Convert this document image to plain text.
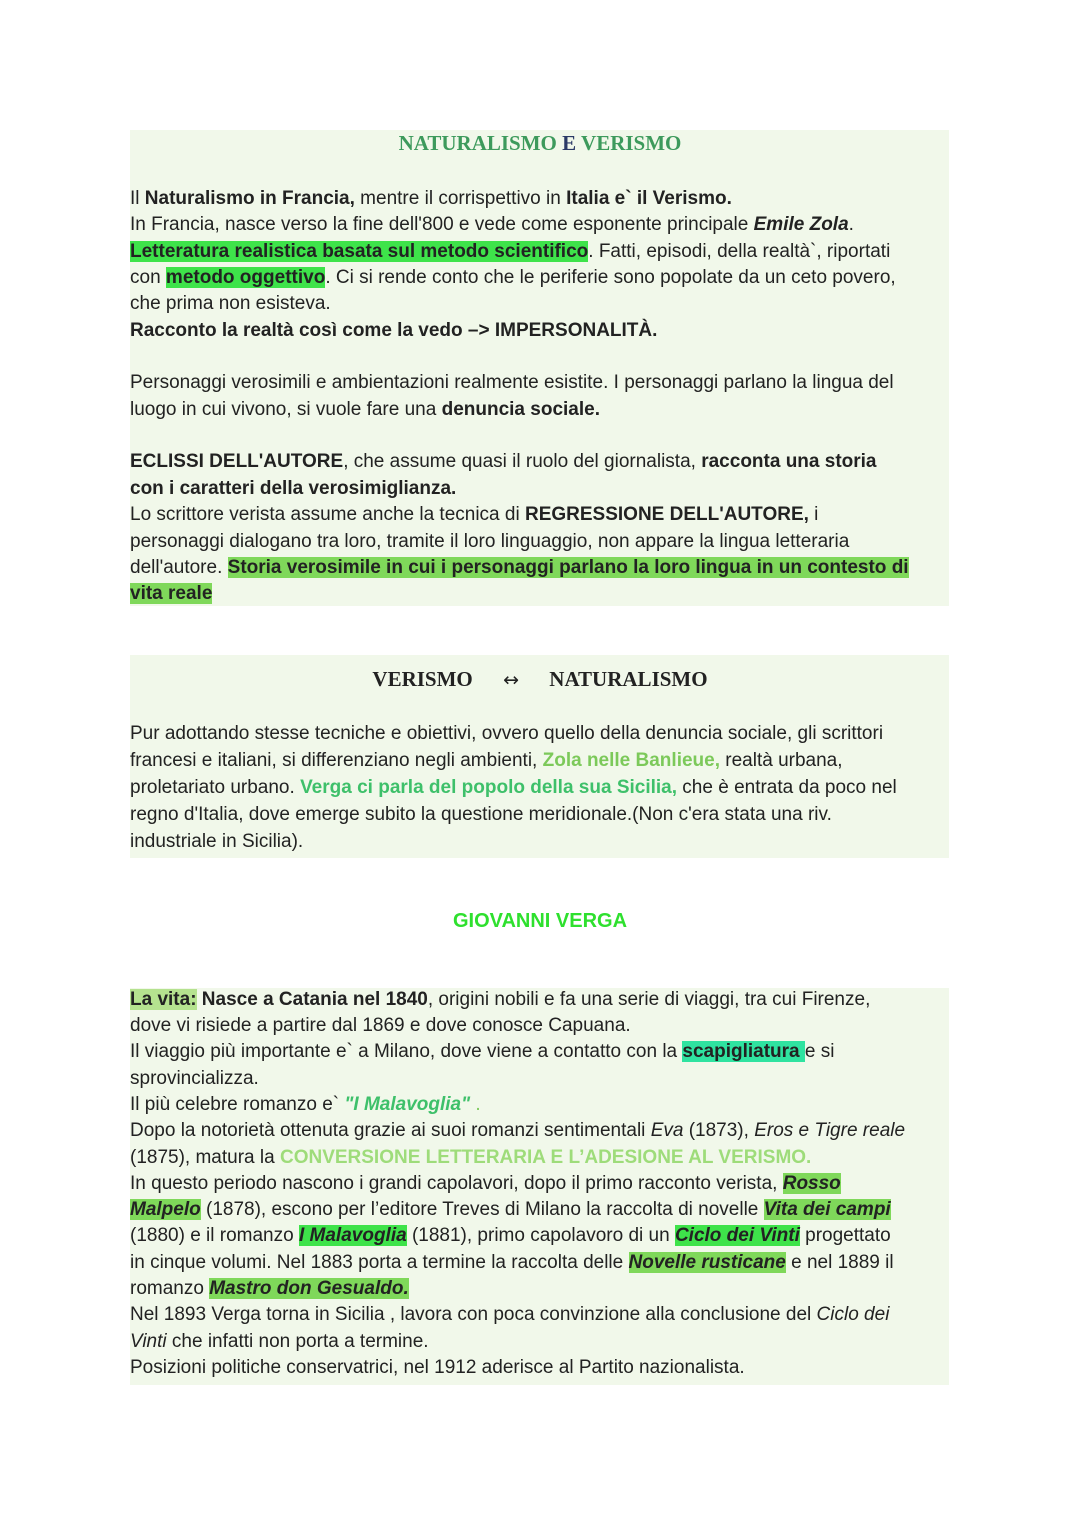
NATURALISMO E VERISMO
Il Naturalismo in Francia, mentre il corrispettivo in Italia e` il Verismo.
In Francia, nasce verso la fine dell'800 e vede come esponente principale Emile Zola.
Letteratura realistica basata sul metodo scientifico. Fatti, episodi, della realtà`, riportati
con metodo oggettivo. Ci si rende conto che le periferie sono popolate da un ceto povero,
che prima non esisteva.
Racconto la realtà così come la vedo –> IMPERSONALITÀ.
Personaggi verosimili e ambientazioni realmente esistite. I personaggi parlano la lingua del
luogo in cui vivono, si vuole fare una denuncia sociale.
ECLISSI DELL'AUTORE, che assume quasi il ruolo del giornalista, racconta una storia
con i caratteri della verosimiglianza.
Lo scrittore verista assume anche la tecnica di REGRESSIONE DELL'AUTORE, i
personaggi dialogano tra loro, tramite il loro linguaggio, non appare la lingua letteraria
dell'autore. Storia verosimile in cui i personaggi parlano la loro lingua in un contesto di
vita reale
VERISMO ↔ NATURALISMO
Pur adottando stesse tecniche e obiettivi, ovvero quello della denuncia sociale, gli scrittori
francesi e italiani, si differenziano negli ambienti, Zola nelle Banlieue, realtà urbana,
proletariato urbano. Verga ci parla del popolo della sua Sicilia, che è entrata da poco nel
regno d'Italia, dove emerge subito la questione meridionale.(Non c'era stata una riv.
industriale in Sicilia).
GIOVANNI VERGA
La vita: Nasce a Catania nel 1840, origini nobili e fa una serie di viaggi, tra cui Firenze,
dove vi risiede a partire dal 1869 e dove conosce Capuana.
Il viaggio più importante e` a Milano, dove viene a contatto con la scapigliatura e si
sprovincializza.
Il più celebre romanzo e` "I Malavoglia" .
Dopo la notorietà ottenuta grazie ai suoi romanzi sentimentali Eva (1873), Eros e Tigre reale
(1875), matura la CONVERSIONE LETTERARIA E L’ADESIONE AL VERISMO.
In questo periodo nascono i grandi capolavori, dopo il primo racconto verista, Rosso
Malpelo (1878), escono per l’editore Treves di Milano la raccolta di novelle Vita dei campi
(1880) e il romanzo I Malavoglia (1881), primo capolavoro di un Ciclo dei Vinti progettato
in cinque volumi. Nel 1883 porta a termine la raccolta delle Novelle rusticane e nel 1889 il
romanzo Mastro don Gesualdo.
Nel 1893 Verga torna in Sicilia , lavora con poca convinzione alla conclusione del Ciclo dei
Vinti che infatti non porta a termine.
Posizioni politiche conservatrici, nel 1912 aderisce al Partito nazionalista.
